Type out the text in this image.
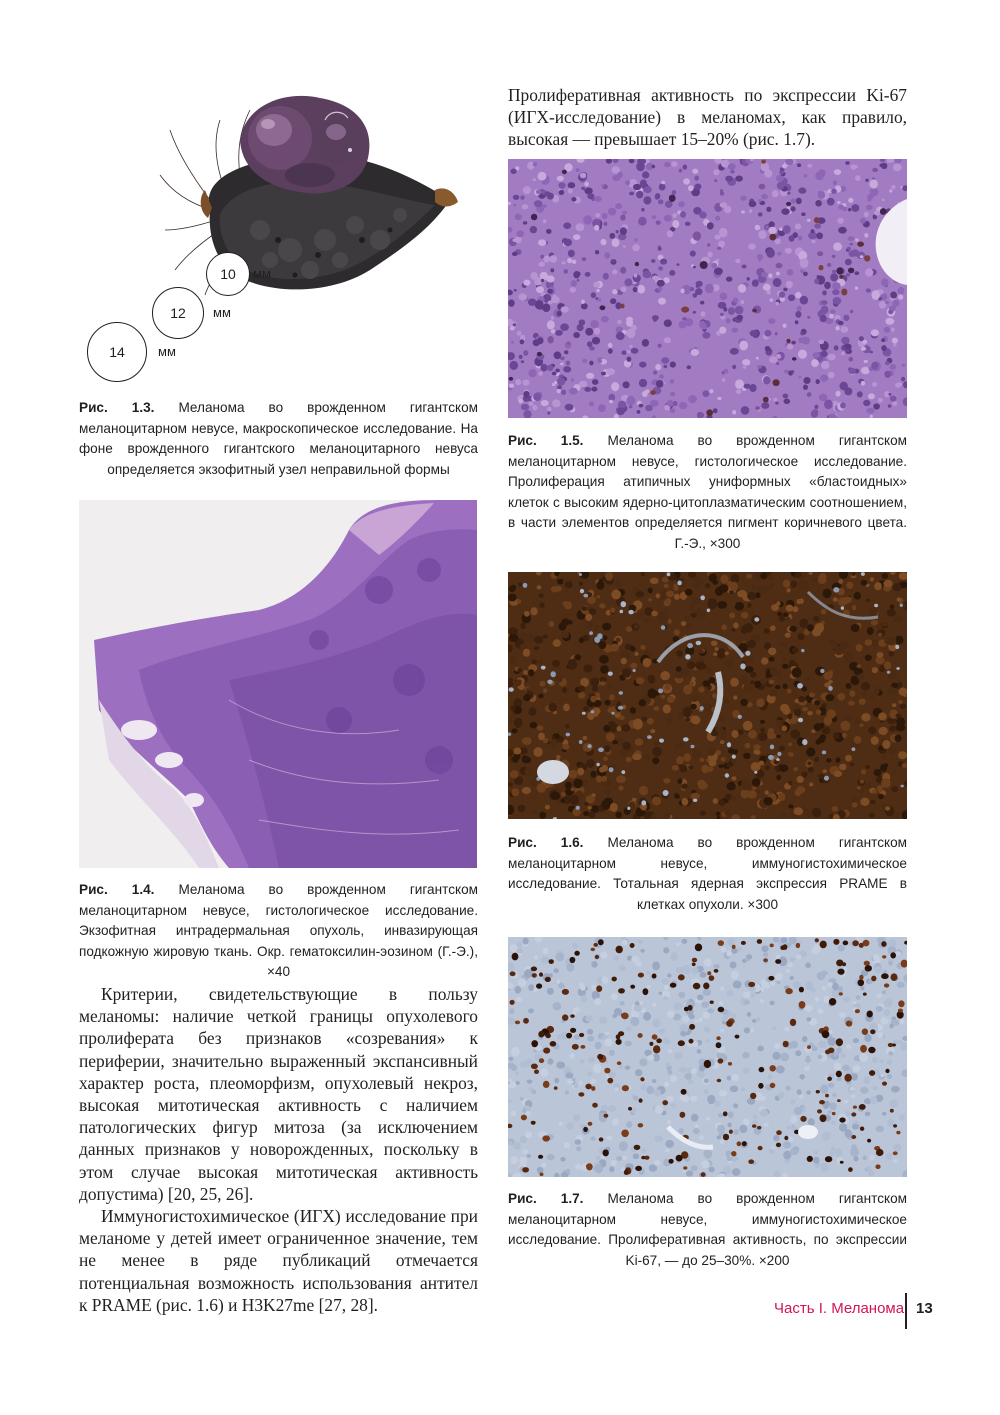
14	мм
12 мм
10 мм
Рис. 1.3. Меланома во врожденном гигантском меланоцитарном невусе, макроскопическое исследование. На фоне врожденного гигантского меланоцитарного невуса определяется экзофитный узел неправильной формы
Рис. 1.4. Меланома во врожденном гигантском меланоцитарном невусе, гистологическое исследование. Экзофитная интрадермальная опухоль, инвазирующая подкожную жировую ткань. Окр. гематоксилин-эозином (Г.-Э.), ×40

Критерии, свидетельствующие в пользу меланомы: наличие четкой границы опухолевого пролиферата без признаков «созревания» к периферии, значительно выраженный экспансивный характер роста, плеоморфизм, опухолевый некроз, высокая митотическая активность с наличием патологических фигур митоза (за исключением данных признаков у новорожденных, поскольку в этом случае высокая митотическая активность допустима) [20, 25, 26].

Иммуногистохимическое (ИГХ) исследование при меланоме у детей имеет ограниченное значение, тем не менее в ряде публикаций отмечается потенциальная возможность использования антител к PRAME (рис. 1.6) и H3K27me [27, 28].

Пролиферативная активность по экспрессии Ki-67 (ИГХ-исследование) в меланомах, как правило, высокая — превышает 15–20% (рис. 1.7).
Рис. 1.5. Меланома во врожденном гигантском меланоцитарном невусе, гистологическое исследование. Пролиферация атипичных униформных «бластоидных» клеток с высоким ядерно-цитоплазматическим соотношением, в части элементов определяется пигмент коричневого цвета. Г.-Э., ×300
Рис. 1.6. Меланома во врожденном гигантском меланоцитарном невусе, иммуногистохимическое исследование. Тотальная ядерная экспрессия PRAME в клетках опухоли. ×300
Рис. 1.7. Меланома во врожденном гигантском меланоцитарном невусе, иммуногистохимическое исследование. Пролиферативная активность, по экспрессии Ki-67, — до 25–30%. ×200
Часть I. Меланома 13
